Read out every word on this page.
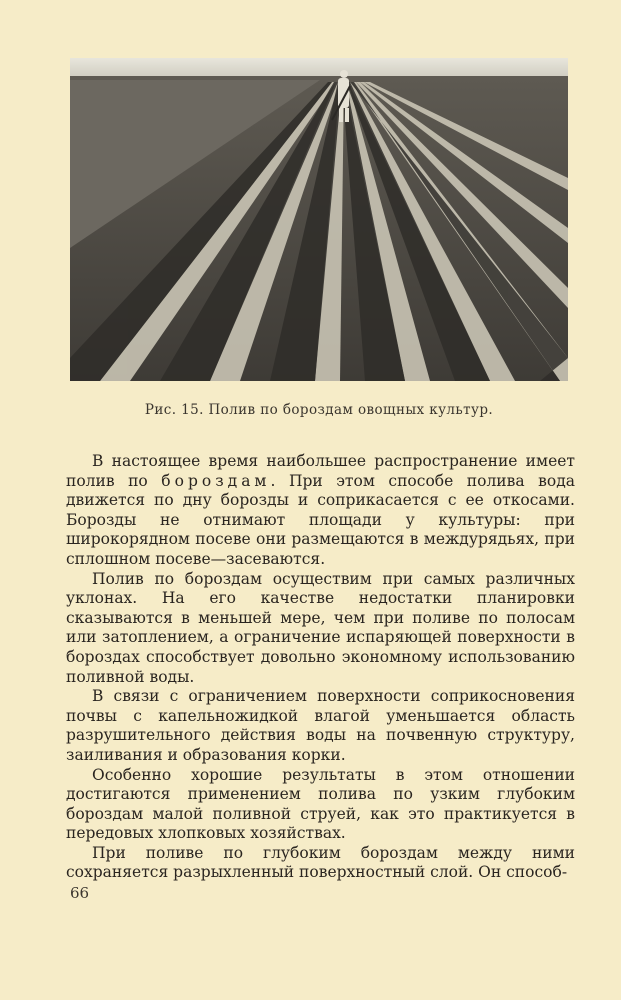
Рис. 15. Полив по бороздам овощных культур.

В настоящее время наибольшее распространение имеет полив по бороздам. При этом способе полива вода движется по дну борозды и соприкасается с ее откосами. Борозды не отнимают площади у культуры: при широкорядном посеве они размещаются в междурядьях, при сплошном посеве—засеваются.

Полив по бороздам осуществим при самых различных уклонах. На его качестве недостатки планировки сказываются в меньшей мере, чем при поливе по полосам или затоплением, а ограничение испаряющей поверхности в бороздах способствует довольно экономному использованию поливной воды.

В связи с ограничением поверхности соприкосновения почвы с капельножидкой влагой уменьшается область разрушительного действия воды на почвенную структуру, заиливания и образования корки.

Особенно хорошие результаты в этом отношении достигаются применением полива по узким глубоким бороздам малой поливной струей, как это практикуется в передовых хлопковых хозяйствах.

При поливе по глубоким бороздам между ними сохраняется разрыхленный поверхностный слой. Он способ-

66
